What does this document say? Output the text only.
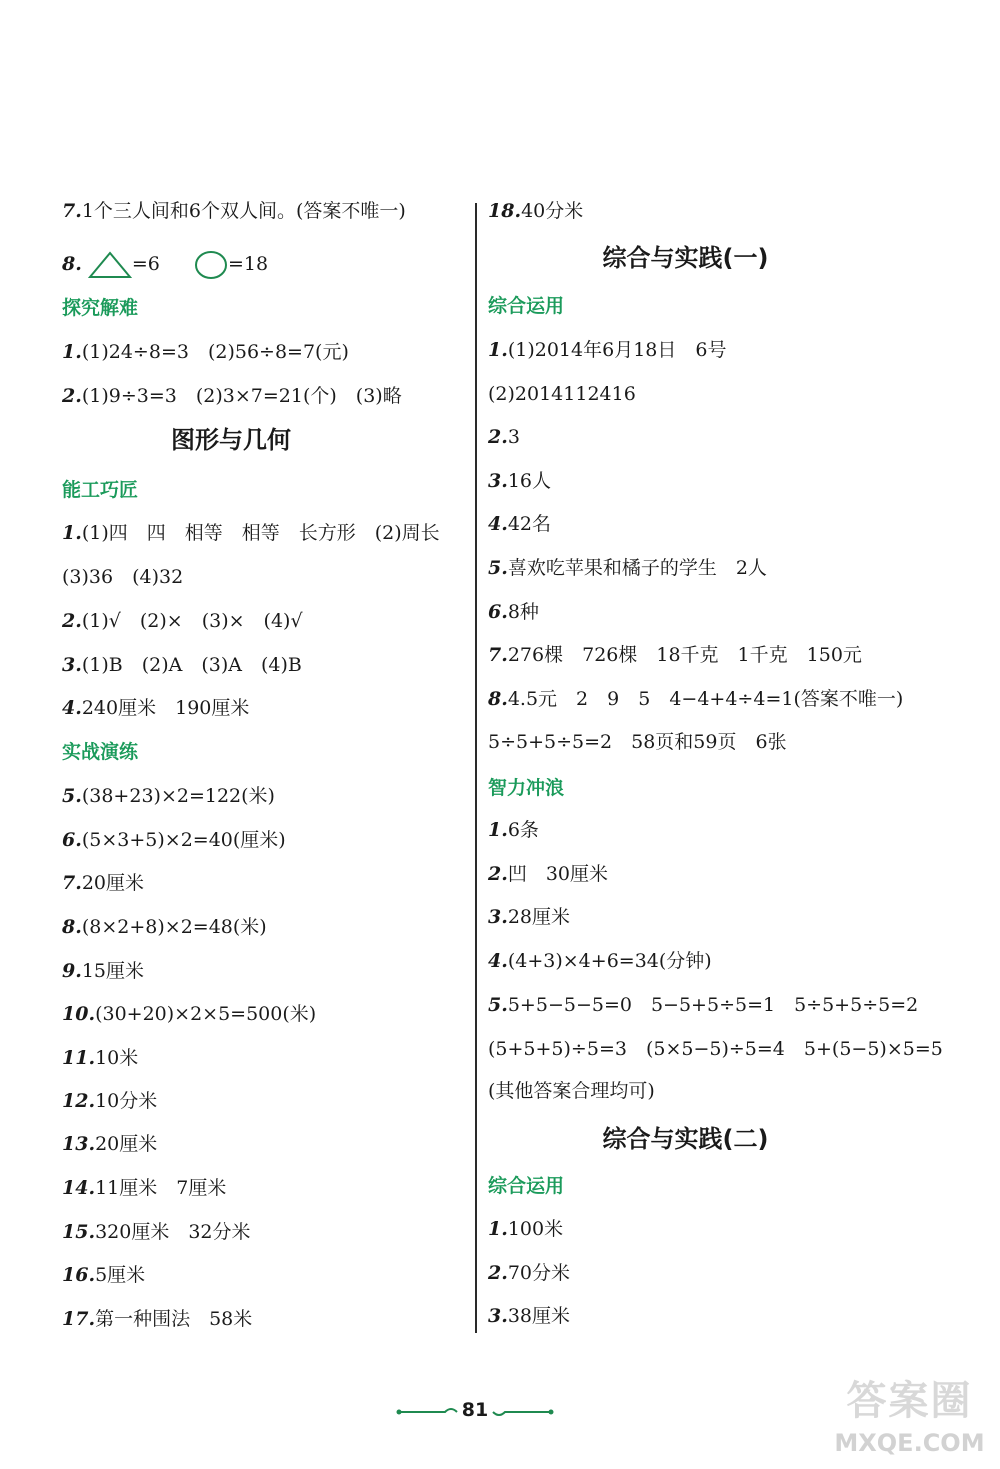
7.1个三人间和6个双人间。(答案不唯一)
8.	=6	=18
探究解难
1.(1)24÷8=3　(2)56÷8=7(元)
2.(1)9÷3=3　(2)3×7=21(个)　(3)略
图形与几何
能工巧匠
1.(1)四　四　相等　相等　长方形　(2)周长
(3)36　(4)32
2.(1)√　(2)×　(3)×　(4)√
3.(1)B　(2)A　(3)A　(4)B
4.240厘米　190厘米
实战演练
5.(38+23)×2=122(米)
6.(5×3+5)×2=40(厘米)
7.20厘米
8.(8×2+8)×2=48(米)
9.15厘米
10.(30+20)×2×5=500(米)
11.10米
12.10分米
13.20厘米
14.11厘米　7厘米
15.320厘米　32分米
16.5厘米
17.第一种围法　58米
18.40分米
综合与实践(一)
综合运用
1.(1)2014年6月18日　6号
(2)2014112416
2.3
3.16人
4.42名
5.喜欢吃苹果和橘子的学生　2人
6.8种
7.276棵　726棵　18千克　1千克　150元
8.4.5元　2　9　5　4−4+4÷4=1(答案不唯一)
5÷5+5÷5=2　58页和59页　6张
智力冲浪
1.6条
2.凹　30厘米
3.28厘米
4.(4+3)×4+6=34(分钟)
5.5+5−5−5=0　5−5+5÷5=1　5÷5+5÷5=2
(5+5+5)÷5=3　(5×5−5)÷5=4　5+(5−5)×5=5
(其他答案合理均可)
综合与实践(二)
综合运用
1.100米
2.70分米
3.38厘米
81	答案圈
MXQE.COM
